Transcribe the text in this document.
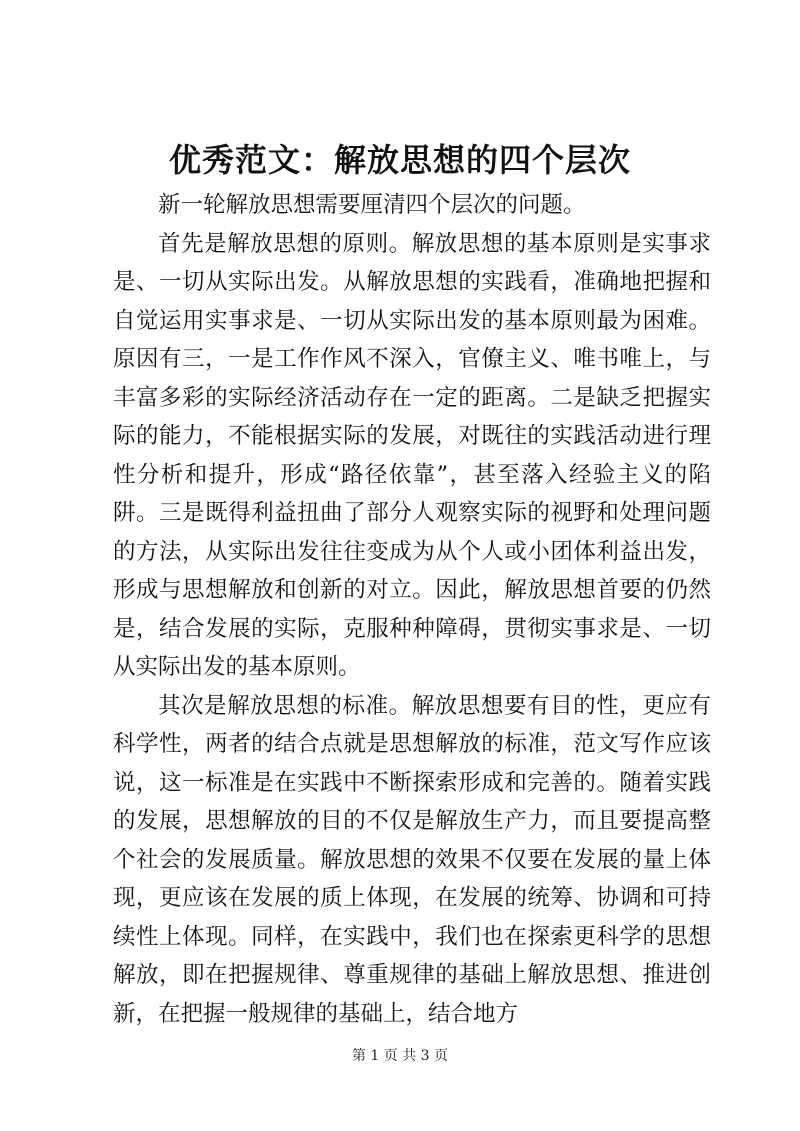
优秀范文：解放思想的四个层次

新一轮解放思想需要厘清四个层次的问题。

首先是解放思想的原则。解放思想的基本原则是实事求是、一切从实际出发。从解放思想的实践看，准确地把握和自觉运用实事求是、一切从实际出发的基本原则最为困难。原因有三，一是工作作风不深入，官僚主义、唯书唯上，与丰富多彩的实际经济活动存在一定的距离。二是缺乏把握实际的能力，不能根据实际的发展，对既往的实践活动进行理性分析和提升，形成“路径依靠”，甚至落入经验主义的陷阱。三是既得利益扭曲了部分人观察实际的视野和处理问题的方法，从实际出发往往变成为从个人或小团体利益出发，形成与思想解放和创新的对立。因此，解放思想首要的仍然是，结合发展的实际，克服种种障碍，贯彻实事求是、一切从实际出发的基本原则。

其次是解放思想的标准。解放思想要有目的性，更应有科学性，两者的结合点就是思想解放的标准，范文写作应该说，这一标准是在实践中不断探索形成和完善的。随着实践的发展，思想解放的目的不仅是解放生产力，而且要提高整个社会的发展质量。解放思想的效果不仅要在发展的量上体现，更应该在发展的质上体现，在发展的统筹、协调和可持续性上体现。同样，在实践中，我们也在探索更科学的思想解放，即在把握规律、尊重规律的基础上解放思想、推进创新，在把握一般规律的基础上，结合地方

第 1 页 共 3 页
